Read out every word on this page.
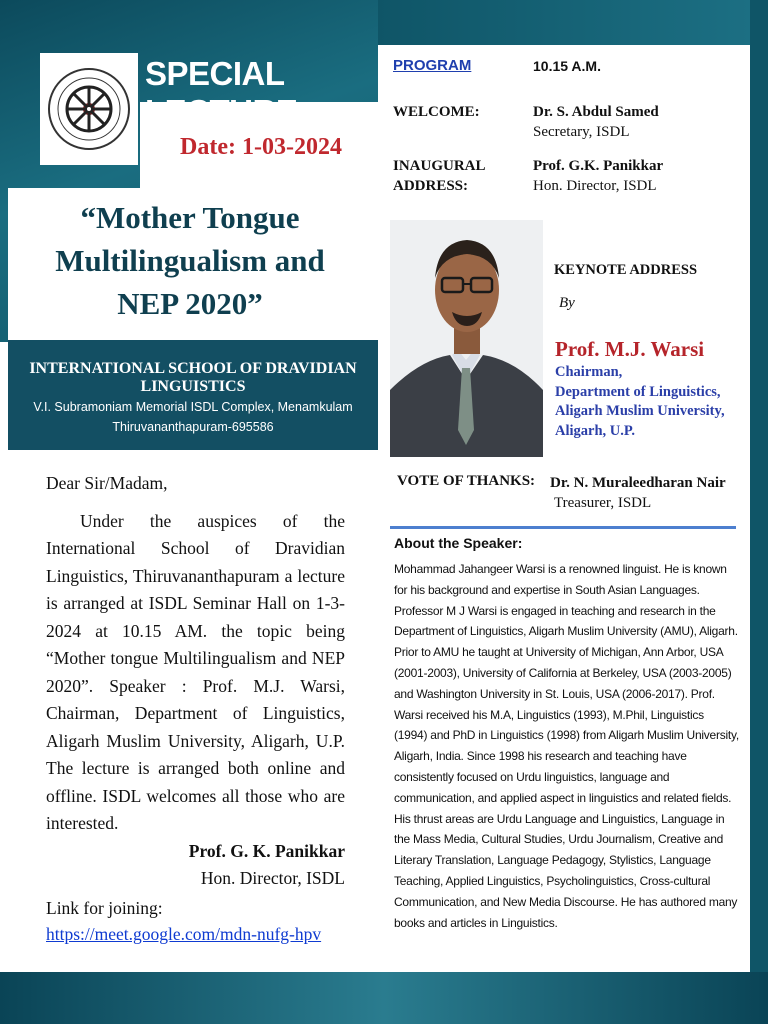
SPECIAL LECTURE
Date: 1-03-2024
“Mother Tongue
Multilingualism and
NEP 2020”
INTERNATIONAL SCHOOL OF DRAVIDIAN LINGUISTICS
V.I. Subramoniam Memorial ISDL Complex, Menamkulam
Thiruvananthapuram-695586
Dear Sir/Madam,

Under the auspices of the International School of Dravidian Linguistics, Thiruvananthapuram a lecture is arranged at ISDL Seminar Hall on 1-3-2024 at 10.15 AM. the topic being “Mother tongue Multilingualism and NEP 2020”. Speaker : Prof. M.J. Warsi, Chairman, Department of Linguistics, Aligarh Muslim University, Aligarh, U.P. The lecture is arranged both online and offline. ISDL welcomes all those who are interested.

Prof. G. K. Panikkar
Hon. Director, ISDL
Link for joining:
https://meet.google.com/mdn-nufg-hpv
PROGRAM	10.15 A.M.
WELCOME:	Dr. S. Abdul Samed
Secretary, ISDL
INAUGURAL
ADDRESS:
Prof. G.K. Panikkar
Hon. Director, ISDL
KEYNOTE ADDRESS
By
Prof. M.J. Warsi
Chairman,
Department of Linguistics,
Aligarh Muslim University,
Aligarh, U.P.
VOTE OF THANKS: Dr. N. Muraleedharan Nair
Treasurer, ISDL
About the Speaker:
Mohammad Jahangeer Warsi is a renowned linguist. He is known for his background and expertise in South Asian Languages. Professor M J Warsi is engaged in teaching and research in the Department of Linguistics, Aligarh Muslim University (AMU), Aligarh. Prior to AMU he taught at University of Michigan, Ann Arbor, USA (2001-2003), University of California at Berkeley, USA (2003-2005) and Washington University in St. Louis, USA (2006-2017). Prof. Warsi received his M.A, Linguistics (1993), M.Phil, Linguistics (1994) and PhD in Linguistics (1998) from Aligarh Muslim University, Aligarh, India. Since 1998 his research and teaching have consistently focused on Urdu linguistics, language and communication, and applied aspect in linguistics and related fields. His thrust areas are Urdu Language and Linguistics, Language in the Mass Media, Cultural Studies, Urdu Journalism, Creative and Literary Translation, Language Pedagogy, Stylistics, Language Teaching, Applied Linguistics, Psycholinguistics, Cross-cultural Communication, and New Media Discourse. He has authored many books and articles in Linguistics.
